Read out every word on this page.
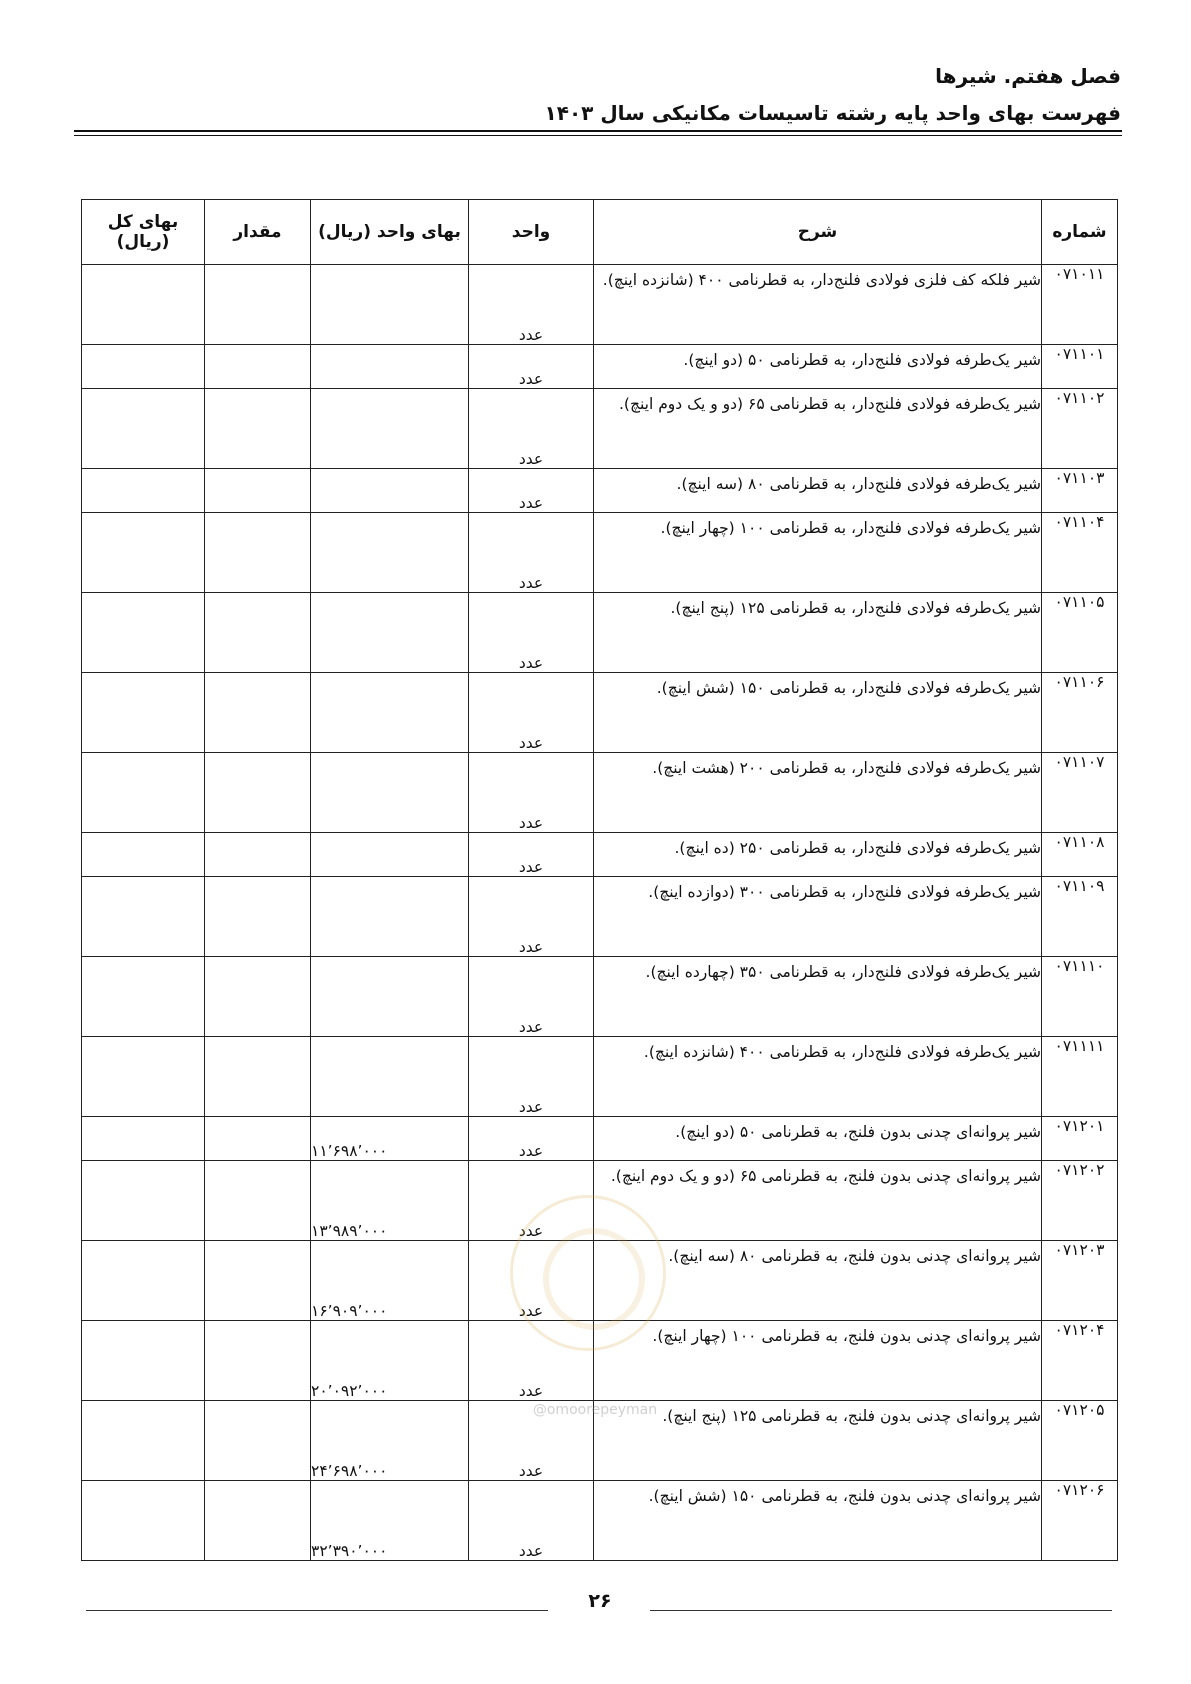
فصل هفتم. شیرها
فهرست بهای واحد پایه رشته تاسیسات مکانیکی سال ۱۴۰۳
شماره	شرح	واحد	بهای واحد (ریال)	مقدار	بهای کل (ریال)
۰۷۱۰۱۱	شیر فلکه کف فلزی فولادی فلنج‌دار، به قطرنامی ۴۰۰ (شانزده اینچ).	عدد			
۰۷۱۱۰۱	شیر یک‌طرفه فولادی فلنج‌دار، به قطرنامی ۵۰ (دو اینچ).	عدد			
۰۷۱۱۰۲	شیر یک‌طرفه فولادی فلنج‌دار، به قطرنامی ۶۵ (دو و یک دوم اینچ).	عدد			
۰۷۱۱۰۳	شیر یک‌طرفه فولادی فلنج‌دار، به قطرنامی ۸۰ (سه اینچ).	عدد			
۰۷۱۱۰۴	شیر یک‌طرفه فولادی فلنج‌دار، به قطرنامی ۱۰۰ (چهار اینچ).	عدد			
۰۷۱۱۰۵	شیر یک‌طرفه فولادی فلنج‌دار، به قطرنامی ۱۲۵ (پنج اینچ).	عدد			
۰۷۱۱۰۶	شیر یک‌طرفه فولادی فلنج‌دار، به قطرنامی ۱۵۰ (شش اینچ).	عدد			
۰۷۱۱۰۷	شیر یک‌طرفه فولادی فلنج‌دار، به قطرنامی ۲۰۰ (هشت اینچ).	عدد			
۰۷۱۱۰۸	شیر یک‌طرفه فولادی فلنج‌دار، به قطرنامی ۲۵۰ (ده اینچ).	عدد			
۰۷۱۱۰۹	شیر یک‌طرفه فولادی فلنج‌دار، به قطرنامی ۳۰۰ (دوازده اینچ).	عدد			
۰۷۱۱۱۰	شیر یک‌طرفه فولادی فلنج‌دار، به قطرنامی ۳۵۰ (چهارده اینچ).	عدد			
۰۷۱۱۱۱	شیر یک‌طرفه فولادی فلنج‌دار، به قطرنامی ۴۰۰ (شانزده اینچ).	عدد			
۰۷۱۲۰۱	شیر پروانه‌ای چدنی بدون فلنج، به قطرنامی ۵۰ (دو اینچ).	عدد	۱۱٬۶۹۸٬۰۰۰		
۰۷۱۲۰۲	شیر پروانه‌ای چدنی بدون فلنج، به قطرنامی ۶۵ (دو و یک دوم اینچ).	عدد	۱۳٬۹۸۹٬۰۰۰		
۰۷۱۲۰۳	شیر پروانه‌ای چدنی بدون فلنج، به قطرنامی ۸۰ (سه اینچ).	عدد	۱۶٬۹۰۹٬۰۰۰		
۰۷۱۲۰۴	شیر پروانه‌ای چدنی بدون فلنج، به قطرنامی ۱۰۰ (چهار اینچ).	عدد	۲۰٬۰۹۲٬۰۰۰		
۰۷۱۲۰۵	شیر پروانه‌ای چدنی بدون فلنج، به قطرنامی ۱۲۵ (پنج اینچ).	عدد	۲۴٬۶۹۸٬۰۰۰		
۰۷۱۲۰۶	شیر پروانه‌ای چدنی بدون فلنج، به قطرنامی ۱۵۰ (شش اینچ).	عدد	۳۲٬۳۹۰٬۰۰۰		
@omoorepeyman
۲۶
